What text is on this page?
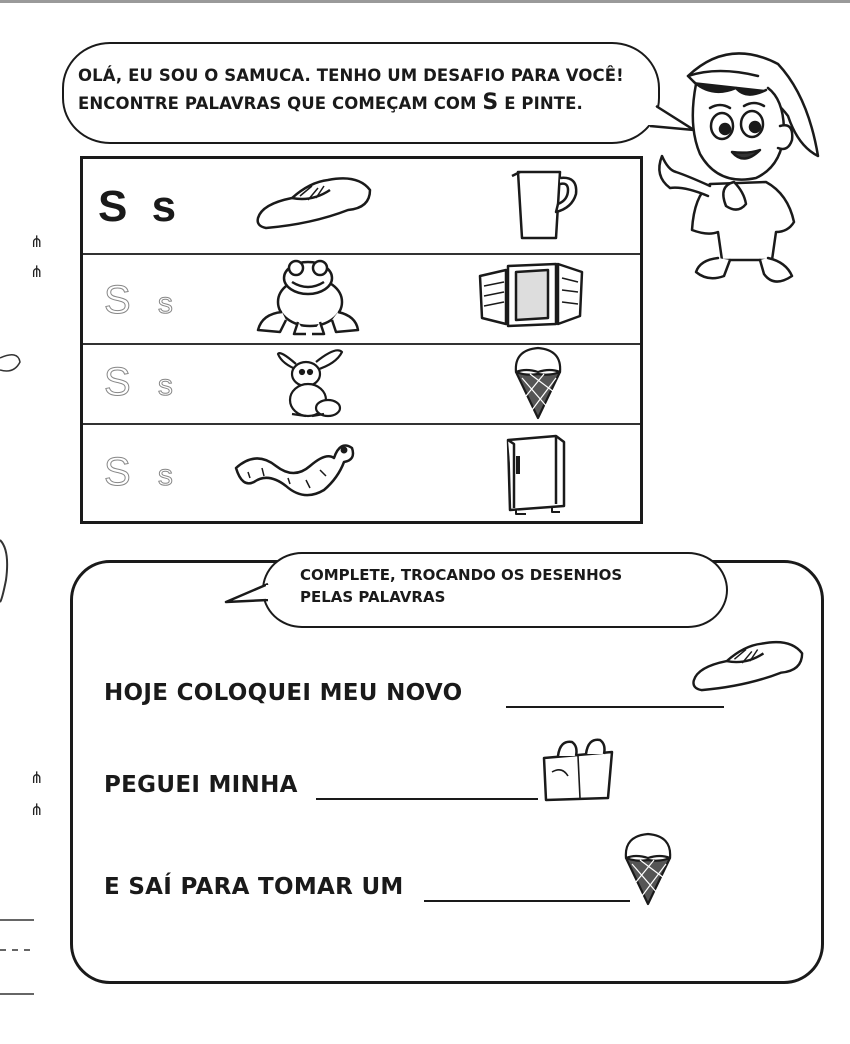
⋔
⋔
⋔
⋔
OLÁ, EU SOU O SAMUCA. TENHO UM DESAFIO PARA VOCÊ!
ENCONTRE PALAVRAS QUE COMEÇAM COM S E PINTE.
S s
S s
S s
S s
COMPLETE, TROCANDO OS DESENHOS
PELAS PALAVRAS
HOJE COLOQUEI MEU NOVO
PEGUEI MINHA
E SAÍ PARA TOMAR UM
